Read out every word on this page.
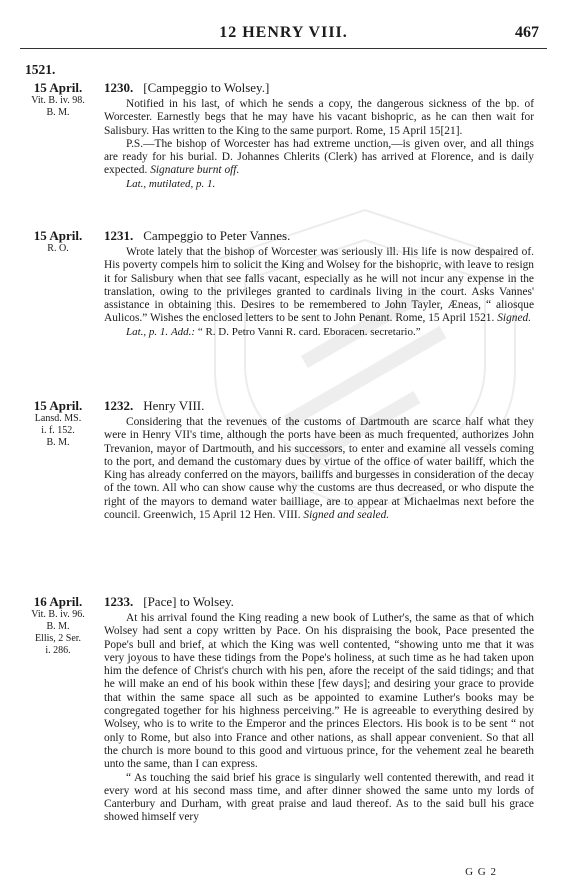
12 HENRY VIII.	467
1521.
15 April.
Vit. B. iv. 98.
B. M.

1230. [Campeggio to Wolsey.]

Notified in his last, of which he sends a copy, the dangerous sickness of the bp. of Worcester. Earnestly begs that he may have his vacant bishopric, as he can then wait for Salisbury. Has written to the King to the same purport. Rome, 15 April 15[21].

P.S.—The bishop of Worcester has had extreme unction,—is given over, and all things are ready for his burial. D. Johannes Chlerits (Clerk) has arrived at Florence, and is daily expected. Signature burnt off.

Lat., mutilated, p. 1.

15 April.
R. O.

1231. Campeggio to Peter Vannes.

Wrote lately that the bishop of Worcester was seriously ill. His life is now despaired of. His poverty compels him to solicit the King and Wolsey for the bishopric, with leave to resign it for Salisbury when that see falls vacant, especially as he will not incur any expense in the translation, owing to the privileges granted to cardinals living in the court. Asks Vannes' assistance in obtaining this. Desires to be remembered to John Tayler, Æneas, “ aliosque Aulicos.” Wishes the enclosed letters to be sent to John Penant. Rome, 15 April 1521. Signed.

Lat., p. 1. Add.: “ R. D. Petro Vanni R. card. Eboracen. secretario.”

15 April.
Lansd. MS.
i. f. 152.
B. M.

1232. Henry VIII.

Considering that the revenues of the customs of Dartmouth are scarce half what they were in Henry VII's time, although the ports have been as much frequented, authorizes John Trevanion, mayor of Dartmouth, and his successors, to enter and examine all vessels coming to the port, and demand the customary dues by virtue of the office of water bailiff, which the King has already conferred on the mayors, bailiffs and burgesses in consideration of the decay of the town. All who can show cause why the customs are thus decreased, or who dispute the right of the mayors to demand water bailliage, are to appear at Michaelmas next before the council. Greenwich, 15 April 12 Hen. VIII. Signed and sealed.

16 April.
Vit. B. iv. 96.
B. M.
Ellis, 2 Ser.
i. 286.

1233. [Pace] to Wolsey.

At his arrival found the King reading a new book of Luther's, the same as that of which Wolsey had sent a copy written by Pace. On his dispraising the book, Pace presented the Pope's bull and brief, at which the King was well contented, “showing unto me that it was very joyous to have these tidings from the Pope's holiness, at such time as he had taken upon him the defence of Christ's church with his pen, afore the receipt of the said tidings; and that he will make an end of his book within these [few days]; and desiring your grace to provide that within the same space all such as be appointed to examine Luther's books may be congregated together for his highness perceiving.” He is agreeable to everything desired by Wolsey, who is to write to the Emperor and the princes Electors. His book is to be sent “ not only to Rome, but also into France and other nations, as shall appear convenient. So that all the church is more bound to this good and virtuous prince, for the vehement zeal he beareth unto the same, than I can express.

“ As touching the said brief his grace is singularly well contented therewith, and read it every word at his second mass time, and after dinner showed the same unto my lords of Canterbury and Durham, with great praise and laud thereof. As to the said bull his grace showed himself very

G G 2
